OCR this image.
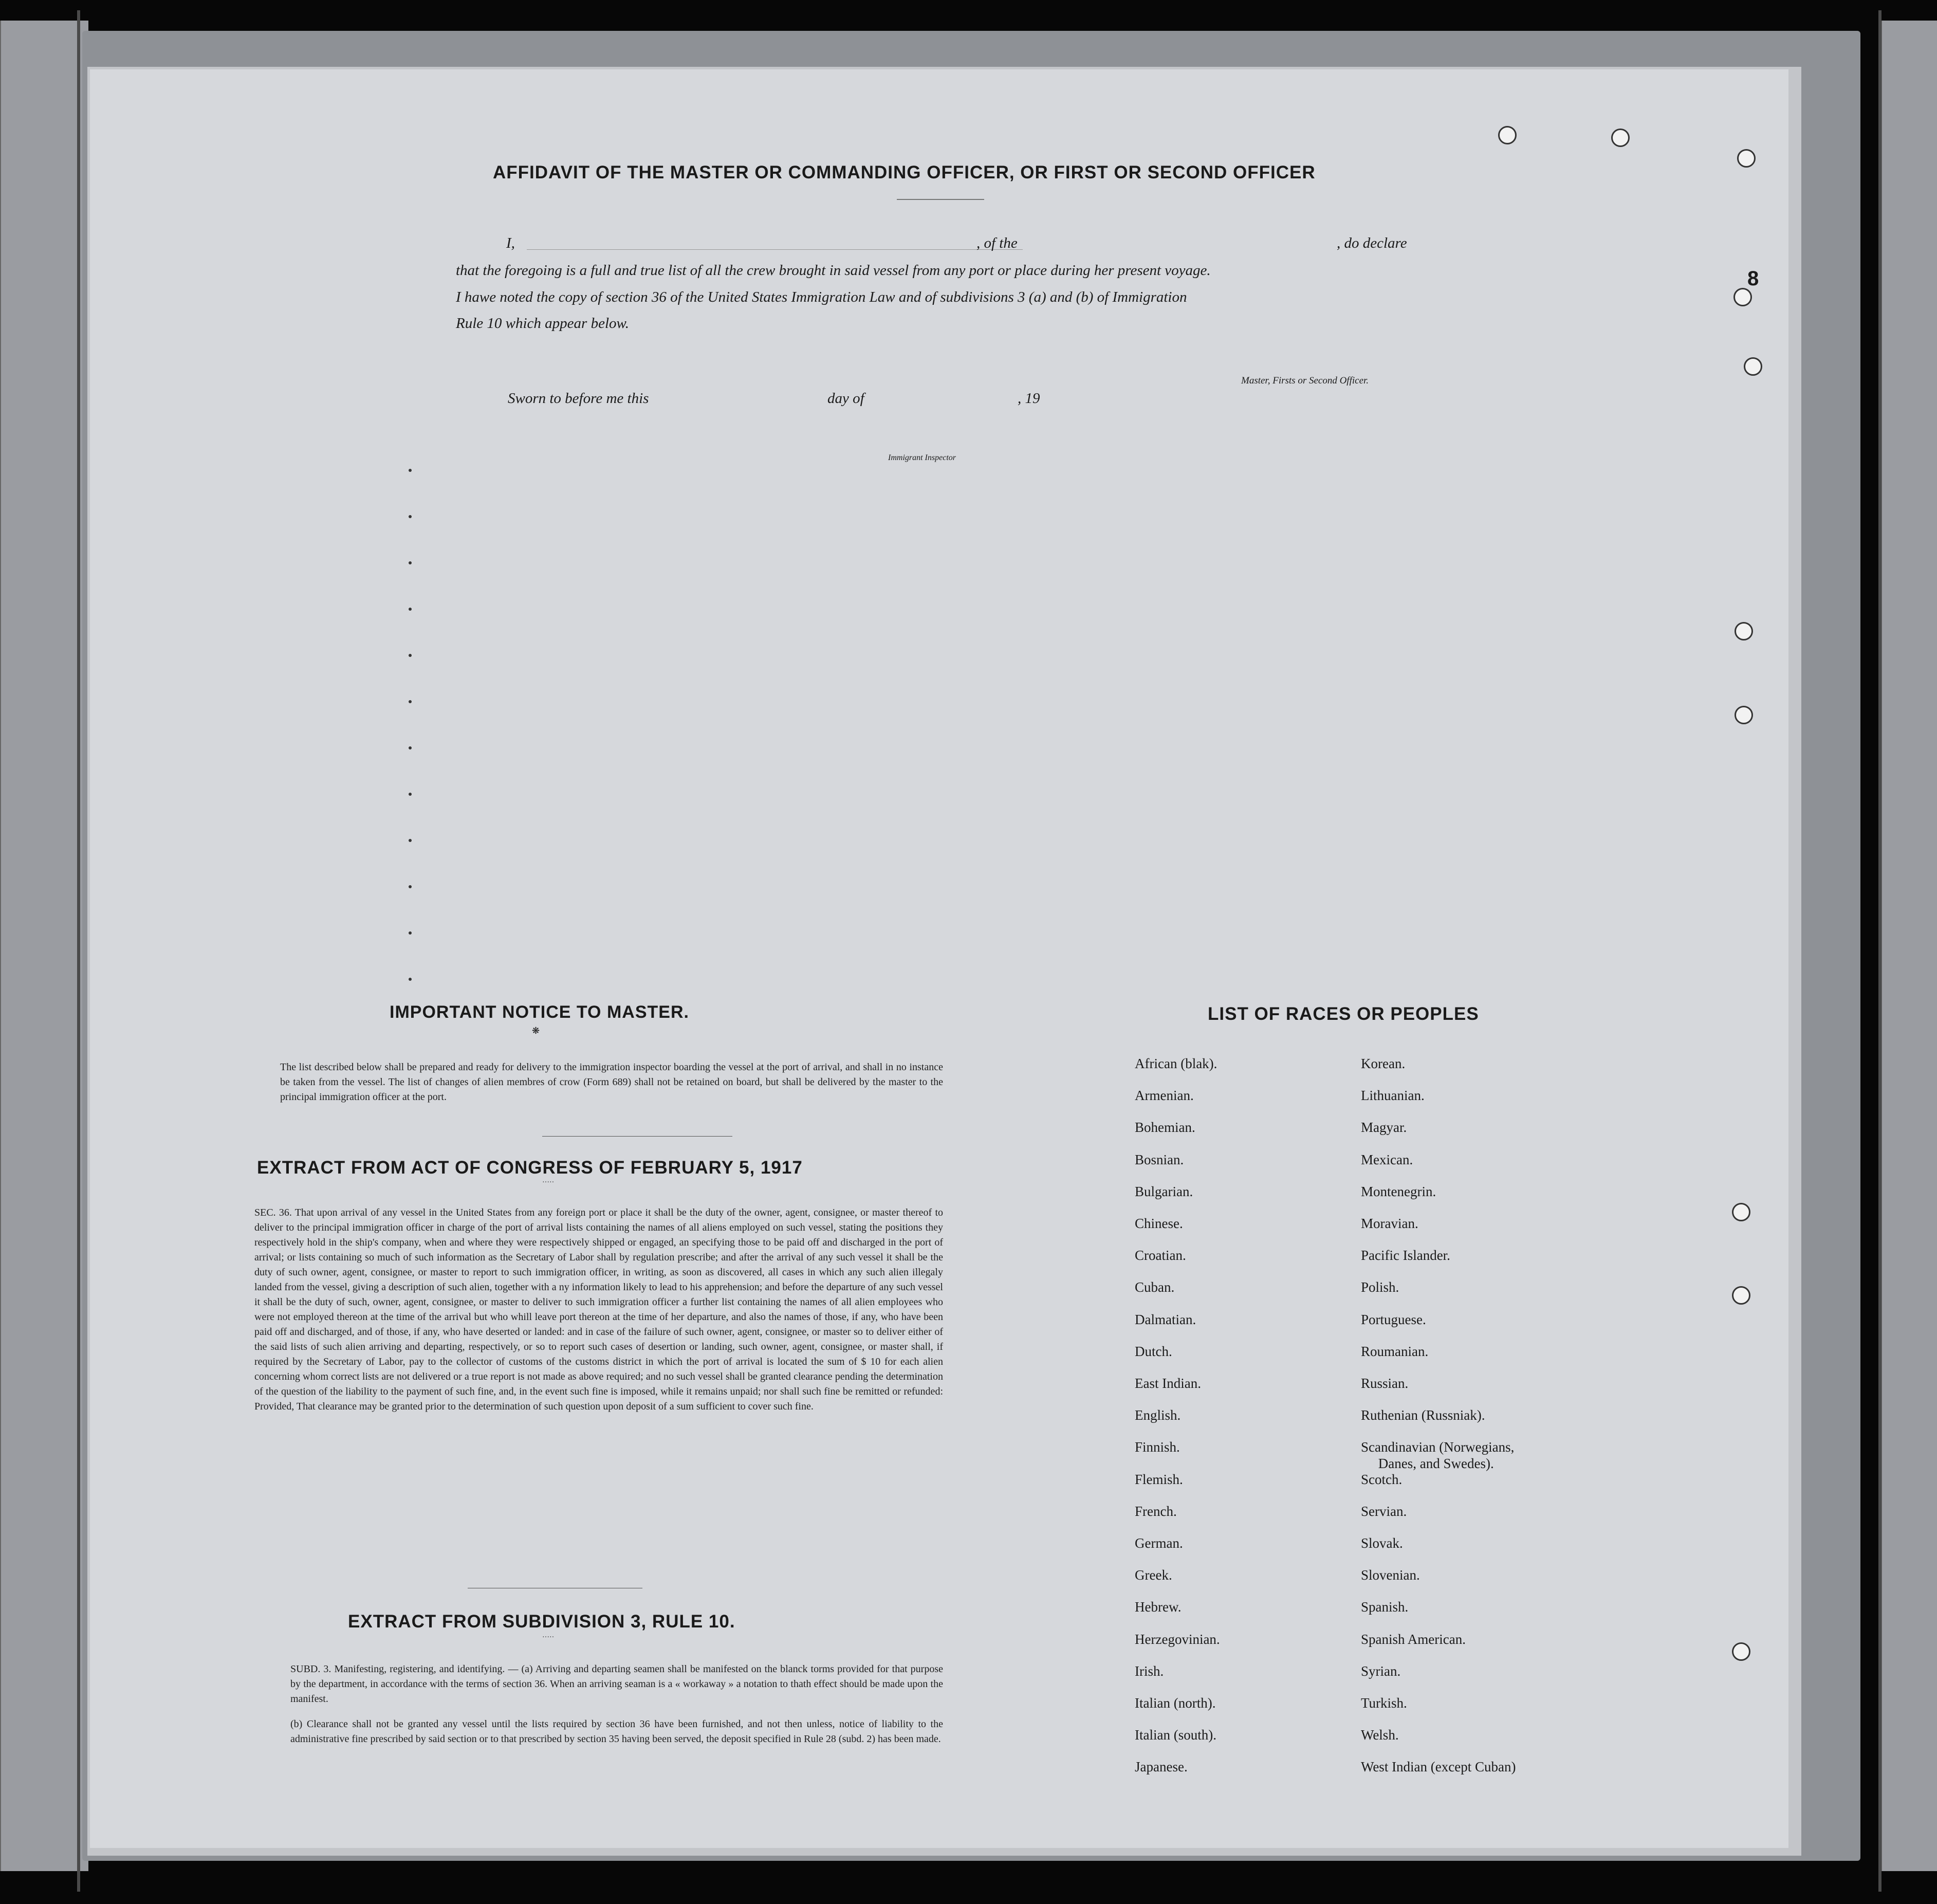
AFFIDAVIT OF THE MASTER OR COMMANDING OFFICER, OR FIRST OR SECOND OFFICER
I,	, of the	, do declare
that the foregoing is a full and true list of all the crew brought in said vessel from any port or place during her present voyage.
I hawe noted the copy of section 36 of the United States Immigration Law and of subdivisions 3 (a) and (b) of Immigration
Rule 10 which appear below.
Master, Firsts or Second Officer.
Sworn to before me this	day of	, 19
Immigrant Inspector
IMPORTANT NOTICE TO MASTER.
❋
The list described below shall be prepared and ready for delivery to the immigration inspector boarding the vessel at the port of arrival, and shall in no instance be taken from the vessel. The list of changes of alien membres of crow (Form 689) shall not be retained on board, but shall be delivered by the master to the principal immigration officer at the port.
EXTRACT FROM ACT OF CONGRESS OF FEBRUARY 5, 1917
·····
SEC. 36. That upon arrival of any vessel in the United States from any foreign port or place it shall be the duty of the owner, agent, consignee, or master thereof to deliver to the principal immigration officer in charge of the port of arrival lists containing the names of all aliens employed on such vessel, stating the positions they respectively hold in the ship's company, when and where they were respectively shipped or engaged, an specifying those to be paid off and discharged in the port of arrival; or lists containing so much of such information as the Secretary of Labor shall by regulation prescribe; and after the arrival of any such vessel it shall be the duty of such owner, agent, consignee, or master to report to such immigration officer, in writing, as soon as discovered, all cases in which any such alien illegaly landed from the vessel, giving a description of such alien, together with a ny information likely to lead to his apprehension; and before the departure of any such vessel it shall be the duty of such, owner, agent, consignee, or master to deliver to such immigration officer a further list containing the names of all alien employees who were not employed thereon at the time of the arrival but who whill leave port thereon at the time of her departure, and also the names of those, if any, who have been paid off and discharged, and of those, if any, who have deserted or landed: and in case of the failure of such owner, agent, consignee, or master so to deliver either of the said lists of such alien arriving and departing, respectively, or so to report such cases of desertion or landing, such owner, agent, consignee, or master shall, if required by the Secretary of Labor, pay to the collector of customs of the customs district in which the port of arrival is located the sum of $ 10 for each alien concerning whom correct lists are not delivered or a true report is not made as above required; and no such vessel shall be granted clearance pending the determination of the question of the liability to the payment of such fine, and, in the event such fine is imposed, while it remains unpaid; nor shall such fine be remitted or refunded: Provided, That clearance may be granted prior to the determination of such question upon deposit of a sum sufficient to cover such fine.
EXTRACT FROM SUBDIVISION 3, RULE 10.
·····
SUBD. 3. Manifesting, registering, and identifying. — (a) Arriving and departing seamen shall be manifested on the blanck torms provided for that purpose by the department, in accordance with the terms of section 36. When an arriving seaman is a « workaway » a notation to thath effect should be made upon the manifest.
(b) Clearance shall not be granted any vessel until the lists required by section 36 have been furnished, and not then unless, notice of liability to the administrative fine prescribed by said section or to that prescribed by section 35 having been served, the deposit specified in Rule 28 (subd. 2) has been made.
LIST OF RACES OR PEOPLES
African (blak).
Armenian.
Bohemian.
Bosnian.
Bulgarian.
Chinese.
Croatian.
Cuban.
Dalmatian.
Dutch.
East Indian.
English.
Finnish.
Flemish.
French.
German.
Greek.
Hebrew.
Herzegovinian.
Irish.
Italian (north).
Italian (south).
Japanese.
Korean.
Lithuanian.
Magyar.
Mexican.
Montenegrin.
Moravian.
Pacific Islander.
Polish.
Portuguese.
Roumanian.
Russian.
Ruthenian (Russniak).
Scandinavian (Norwegians,
Danes, and Swedes).
Scotch.
Servian.
Slovak.
Slovenian.
Spanish.
Spanish American.
Syrian.
Turkish.
Welsh.
West Indian (except Cuban)
8
